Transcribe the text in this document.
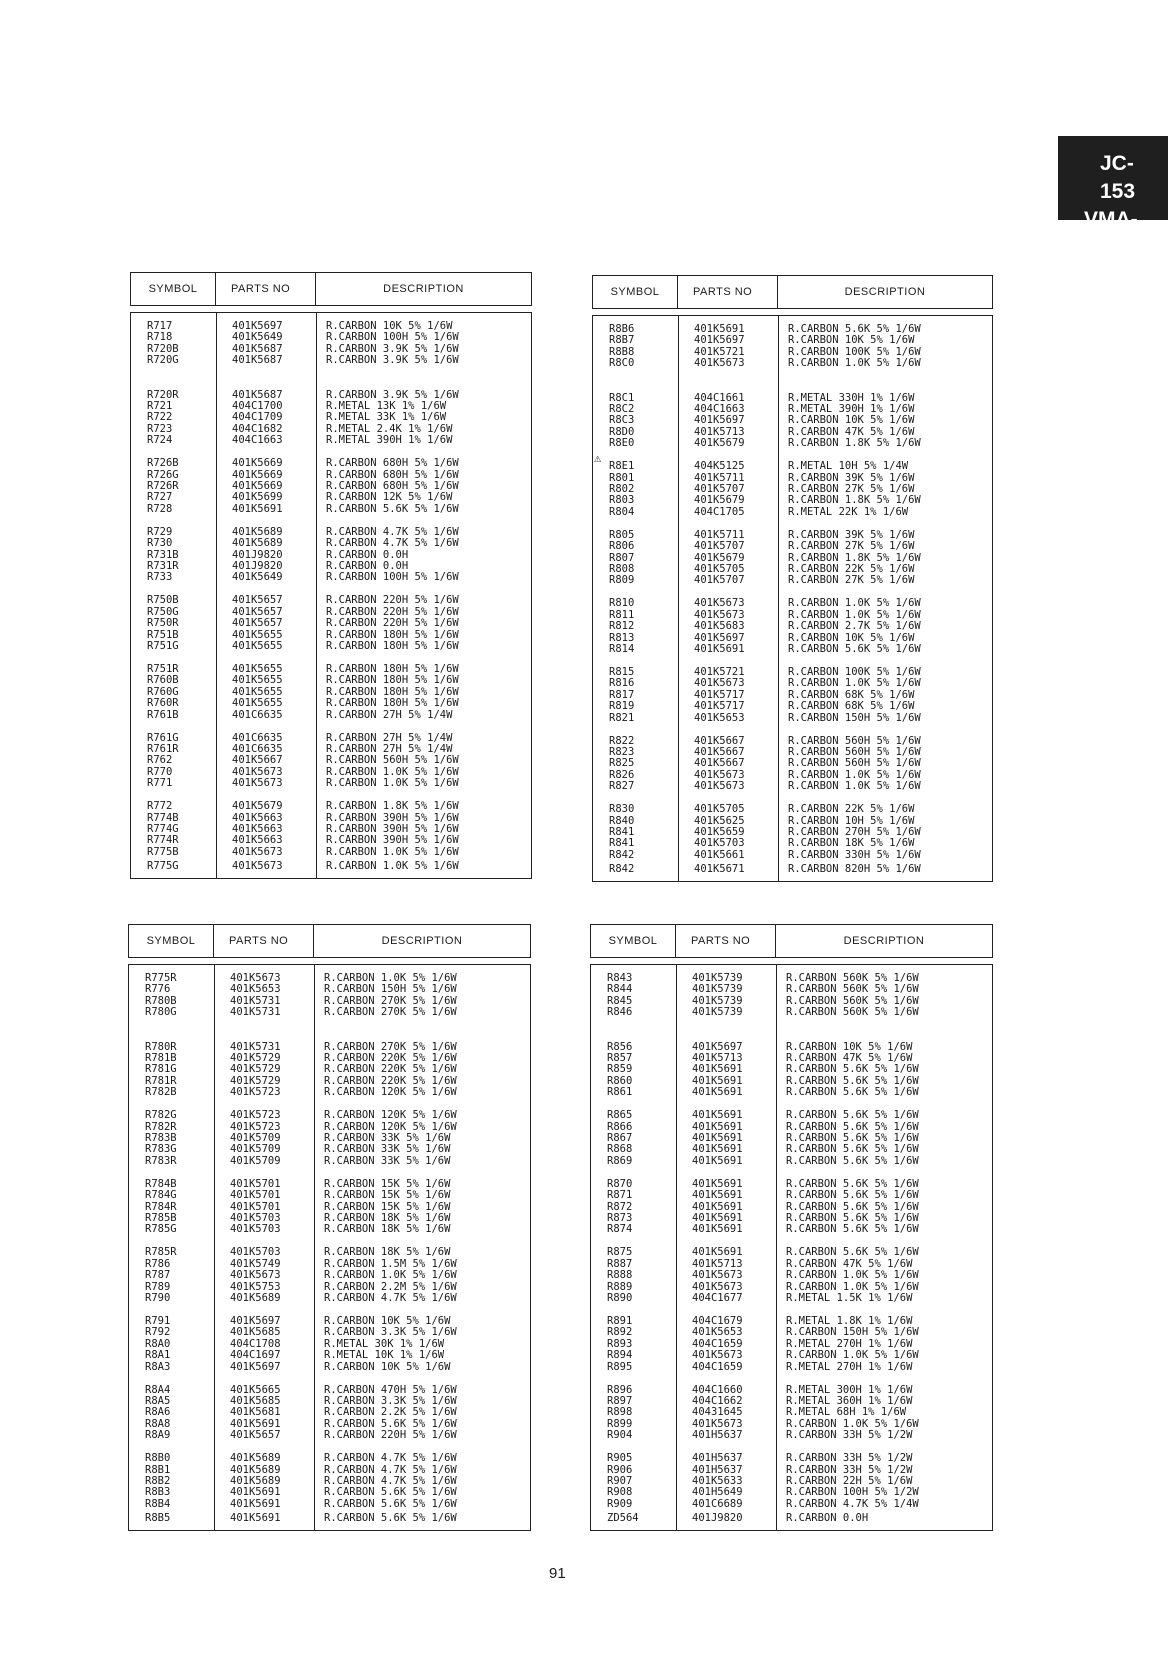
JC-153
VMA-2(H
SYMBOL	PARTS NO	DESCRIPTION
R717	401K5697	R.CARBON 10K 5% 1/6W
R718	401K5649	R.CARBON 100H 5% 1/6W
R720B	401K5687	R.CARBON 3.9K 5% 1/6W
R720G	401K5687	R.CARBON 3.9K 5% 1/6W
R720R	401K5687	R.CARBON 3.9K 5% 1/6W
R721	404C1700	R.METAL 13K 1% 1/6W
R722	404C1709	R.METAL 33K 1% 1/6W
R723	404C1682	R.METAL 2.4K 1% 1/6W
R724	404C1663	R.METAL 390H 1% 1/6W
R726B	401K5669	R.CARBON 680H 5% 1/6W
R726G	401K5669	R.CARBON 680H 5% 1/6W
R726R	401K5669	R.CARBON 680H 5% 1/6W
R727	401K5699	R.CARBON 12K 5% 1/6W
R728	401K5691	R.CARBON 5.6K 5% 1/6W
R729	401K5689	R.CARBON 4.7K 5% 1/6W
R730	401K5689	R.CARBON 4.7K 5% 1/6W
R731B	401J9820	R.CARBON 0.0H
R731R	401J9820	R.CARBON 0.0H
R733	401K5649	R.CARBON 100H 5% 1/6W
R750B	401K5657	R.CARBON 220H 5% 1/6W
R750G	401K5657	R.CARBON 220H 5% 1/6W
R750R	401K5657	R.CARBON 220H 5% 1/6W
R751B	401K5655	R.CARBON 180H 5% 1/6W
R751G	401K5655	R.CARBON 180H 5% 1/6W
R751R	401K5655	R.CARBON 180H 5% 1/6W
R760B	401K5655	R.CARBON 180H 5% 1/6W
R760G	401K5655	R.CARBON 180H 5% 1/6W
R760R	401K5655	R.CARBON 180H 5% 1/6W
R761B	401C6635	R.CARBON 27H 5% 1/4W
R761G	401C6635	R.CARBON 27H 5% 1/4W
R761R	401C6635	R.CARBON 27H 5% 1/4W
R762	401K5667	R.CARBON 560H 5% 1/6W
R770	401K5673	R.CARBON 1.0K 5% 1/6W
R771	401K5673	R.CARBON 1.0K 5% 1/6W
R772	401K5679	R.CARBON 1.8K 5% 1/6W
R774B	401K5663	R.CARBON 390H 5% 1/6W
R774G	401K5663	R.CARBON 390H 5% 1/6W
R774R	401K5663	R.CARBON 390H 5% 1/6W
R775B	401K5673	R.CARBON 1.0K 5% 1/6W
R775G	401K5673	R.CARBON 1.0K 5% 1/6W
SYMBOL	PARTS NO	DESCRIPTION
R8B6	401K5691	R.CARBON 5.6K 5% 1/6W
R8B7	401K5697	R.CARBON 10K 5% 1/6W
R8B8	401K5721	R.CARBON 100K 5% 1/6W
R8C0	401K5673	R.CARBON 1.0K 5% 1/6W
R8C1	404C1661	R.METAL 330H 1% 1/6W
R8C2	404C1663	R.METAL 390H 1% 1/6W
R8C3	401K5697	R.CARBON 10K 5% 1/6W
R8D0	401K5713	R.CARBON 47K 5% 1/6W
R8E0	401K5679	R.CARBON 1.8K 5% 1/6W
R8E1	404K5125	R.METAL 10H 5% 1/4W
R801	401K5711	R.CARBON 39K 5% 1/6W
R802	401K5707	R.CARBON 27K 5% 1/6W
R803	401K5679	R.CARBON 1.8K 5% 1/6W
R804	404C1705	R.METAL 22K 1% 1/6W
R805	401K5711	R.CARBON 39K 5% 1/6W
R806	401K5707	R.CARBON 27K 5% 1/6W
R807	401K5679	R.CARBON 1.8K 5% 1/6W
R808	401K5705	R.CARBON 22K 5% 1/6W
R809	401K5707	R.CARBON 27K 5% 1/6W
R810	401K5673	R.CARBON 1.0K 5% 1/6W
R811	401K5673	R.CARBON 1.0K 5% 1/6W
R812	401K5683	R.CARBON 2.7K 5% 1/6W
R813	401K5697	R.CARBON 10K 5% 1/6W
R814	401K5691	R.CARBON 5.6K 5% 1/6W
R815	401K5721	R.CARBON 100K 5% 1/6W
R816	401K5673	R.CARBON 1.0K 5% 1/6W
R817	401K5717	R.CARBON 68K 5% 1/6W
R819	401K5717	R.CARBON 68K 5% 1/6W
R821	401K5653	R.CARBON 150H 5% 1/6W
R822	401K5667	R.CARBON 560H 5% 1/6W
R823	401K5667	R.CARBON 560H 5% 1/6W
R825	401K5667	R.CARBON 560H 5% 1/6W
R826	401K5673	R.CARBON 1.0K 5% 1/6W
R827	401K5673	R.CARBON 1.0K 5% 1/6W
R830	401K5705	R.CARBON 22K 5% 1/6W
R840	401K5625	R.CARBON 10H 5% 1/6W
R841	401K5659	R.CARBON 270H 5% 1/6W
R841	401K5703	R.CARBON 18K 5% 1/6W
R842	401K5661	R.CARBON 330H 5% 1/6W
R842	401K5671	R.CARBON 820H 5% 1/6W
SYMBOL	PARTS NO	DESCRIPTION
R775R	401K5673	R.CARBON 1.0K 5% 1/6W
R776	401K5653	R.CARBON 150H 5% 1/6W
R780B	401K5731	R.CARBON 270K 5% 1/6W
R780G	401K5731	R.CARBON 270K 5% 1/6W
R780R	401K5731	R.CARBON 270K 5% 1/6W
R781B	401K5729	R.CARBON 220K 5% 1/6W
R781G	401K5729	R.CARBON 220K 5% 1/6W
R781R	401K5729	R.CARBON 220K 5% 1/6W
R782B	401K5723	R.CARBON 120K 5% 1/6W
R782G	401K5723	R.CARBON 120K 5% 1/6W
R782R	401K5723	R.CARBON 120K 5% 1/6W
R783B	401K5709	R.CARBON 33K 5% 1/6W
R783G	401K5709	R.CARBON 33K 5% 1/6W
R783R	401K5709	R.CARBON 33K 5% 1/6W
R784B	401K5701	R.CARBON 15K 5% 1/6W
R784G	401K5701	R.CARBON 15K 5% 1/6W
R784R	401K5701	R.CARBON 15K 5% 1/6W
R785B	401K5703	R.CARBON 18K 5% 1/6W
R785G	401K5703	R.CARBON 18K 5% 1/6W
R785R	401K5703	R.CARBON 18K 5% 1/6W
R786	401K5749	R.CARBON 1.5M 5% 1/6W
R787	401K5673	R.CARBON 1.0K 5% 1/6W
R789	401K5753	R.CARBON 2.2M 5% 1/6W
R790	401K5689	R.CARBON 4.7K 5% 1/6W
R791	401K5697	R.CARBON 10K 5% 1/6W
R792	401K5685	R.CARBON 3.3K 5% 1/6W
R8A0	404C1708	R.METAL 30K 1% 1/6W
R8A1	404C1697	R.METAL 10K 1% 1/6W
R8A3	401K5697	R.CARBON 10K 5% 1/6W
R8A4	401K5665	R.CARBON 470H 5% 1/6W
R8A5	401K5685	R.CARBON 3.3K 5% 1/6W
R8A6	401K5681	R.CARBON 2.2K 5% 1/6W
R8A8	401K5691	R.CARBON 5.6K 5% 1/6W
R8A9	401K5657	R.CARBON 220H 5% 1/6W
R8B0	401K5689	R.CARBON 4.7K 5% 1/6W
R8B1	401K5689	R.CARBON 4.7K 5% 1/6W
R8B2	401K5689	R.CARBON 4.7K 5% 1/6W
R8B3	401K5691	R.CARBON 5.6K 5% 1/6W
R8B4	401K5691	R.CARBON 5.6K 5% 1/6W
R8B5	401K5691	R.CARBON 5.6K 5% 1/6W
SYMBOL	PARTS NO	DESCRIPTION
R843	401K5739	R.CARBON 560K 5% 1/6W
R844	401K5739	R.CARBON 560K 5% 1/6W
R845	401K5739	R.CARBON 560K 5% 1/6W
R846	401K5739	R.CARBON 560K 5% 1/6W
R856	401K5697	R.CARBON 10K 5% 1/6W
R857	401K5713	R.CARBON 47K 5% 1/6W
R859	401K5691	R.CARBON 5.6K 5% 1/6W
R860	401K5691	R.CARBON 5.6K 5% 1/6W
R861	401K5691	R.CARBON 5.6K 5% 1/6W
R865	401K5691	R.CARBON 5.6K 5% 1/6W
R866	401K5691	R.CARBON 5.6K 5% 1/6W
R867	401K5691	R.CARBON 5.6K 5% 1/6W
R868	401K5691	R.CARBON 5.6K 5% 1/6W
R869	401K5691	R.CARBON 5.6K 5% 1/6W
R870	401K5691	R.CARBON 5.6K 5% 1/6W
R871	401K5691	R.CARBON 5.6K 5% 1/6W
R872	401K5691	R.CARBON 5.6K 5% 1/6W
R873	401K5691	R.CARBON 5.6K 5% 1/6W
R874	401K5691	R.CARBON 5.6K 5% 1/6W
R875	401K5691	R.CARBON 5.6K 5% 1/6W
R887	401K5713	R.CARBON 47K 5% 1/6W
R888	401K5673	R.CARBON 1.0K 5% 1/6W
R889	401K5673	R.CARBON 1.0K 5% 1/6W
R890	404C1677	R.METAL 1.5K 1% 1/6W
R891	404C1679	R.METAL 1.8K 1% 1/6W
R892	401K5653	R.CARBON 150H 5% 1/6W
R893	404C1659	R.METAL 270H 1% 1/6W
R894	401K5673	R.CARBON 1.0K 5% 1/6W
R895	404C1659	R.METAL 270H 1% 1/6W
R896	404C1660	R.METAL 300H 1% 1/6W
R897	404C1662	R.METAL 360H 1% 1/6W
R898	40431645	R.METAL 68H 1% 1/6W
R899	401K5673	R.CARBON 1.0K 5% 1/6W
R904	401H5637	R.CARBON 33H 5% 1/2W
R905	401H5637	R.CARBON 33H 5% 1/2W
R906	401H5637	R.CARBON 33H 5% 1/2W
R907	401K5633	R.CARBON 22H 5% 1/6W
R908	401H5649	R.CARBON 100H 5% 1/2W
R909	401C6689	R.CARBON 4.7K 5% 1/4W
ZD564	401J9820	R.CARBON 0.0H
⚠
91
